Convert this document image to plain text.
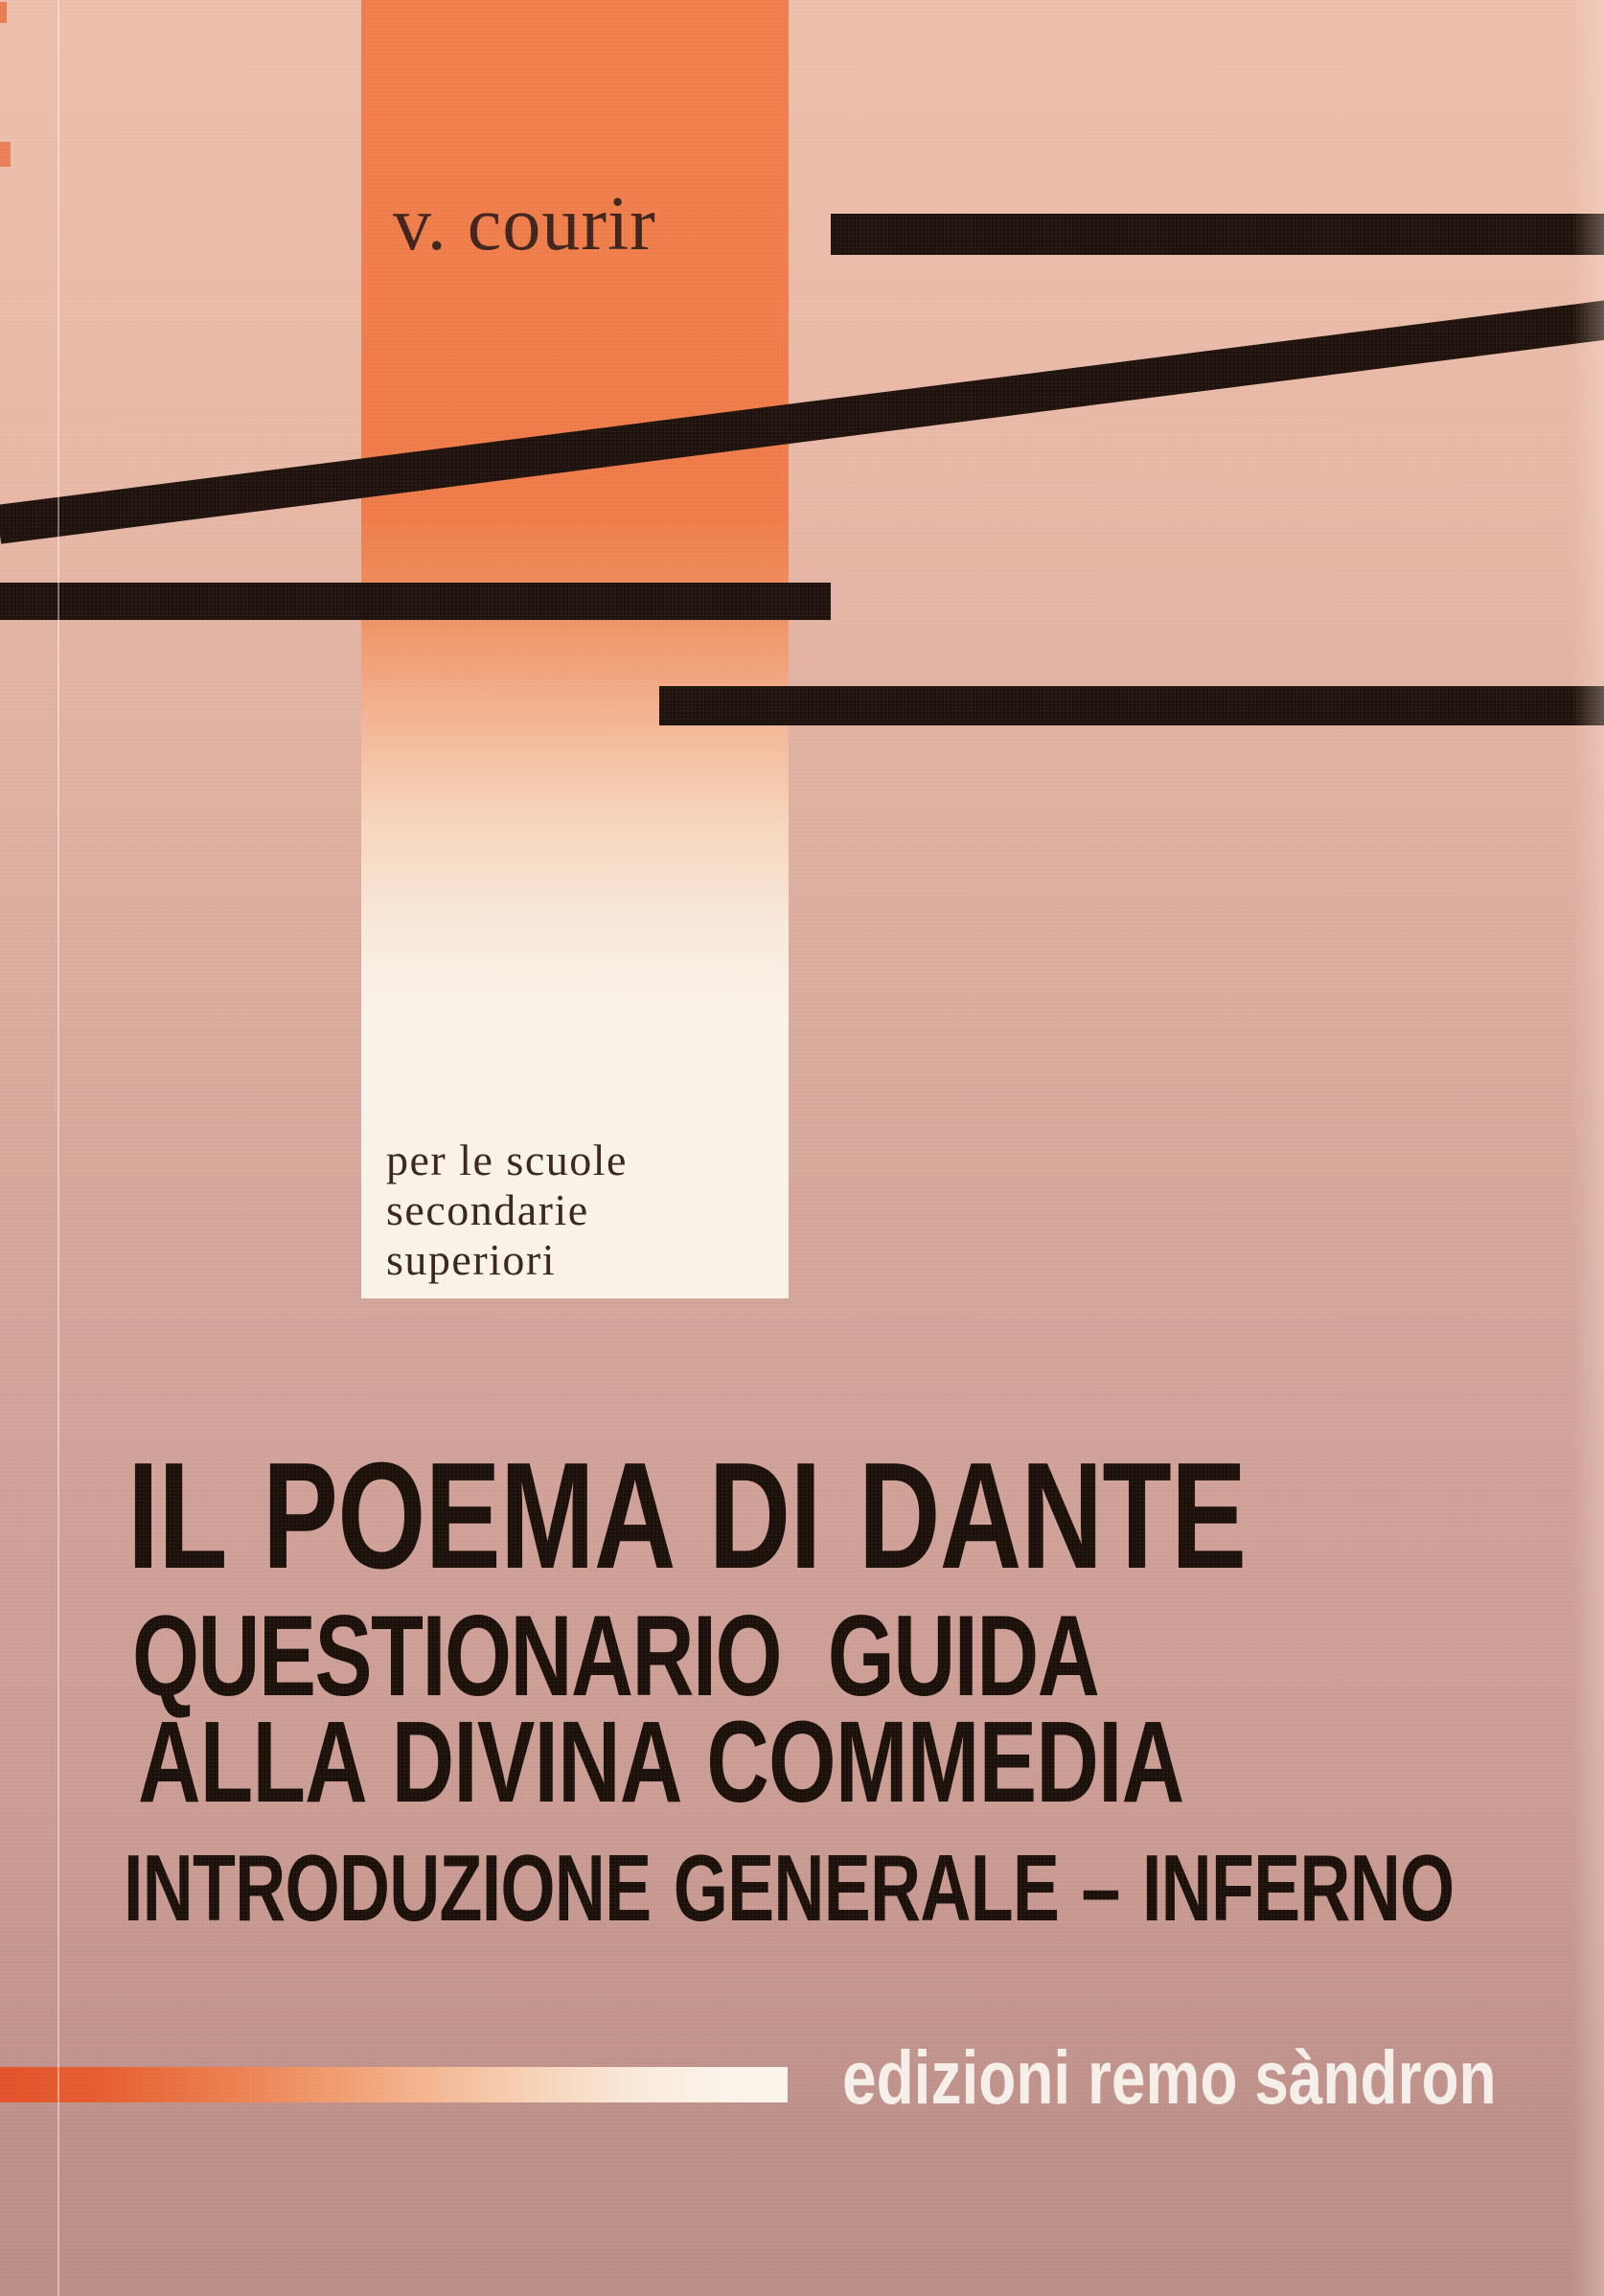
v. courir
per le scuole
secondarie
superiori
IL POEMA DI DANTE
QUESTIONARIO GUIDA
ALLA DIVINA COMMEDIA
INTRODUZIONE GENERALE – INFERNO
edizioni remo sàndron
